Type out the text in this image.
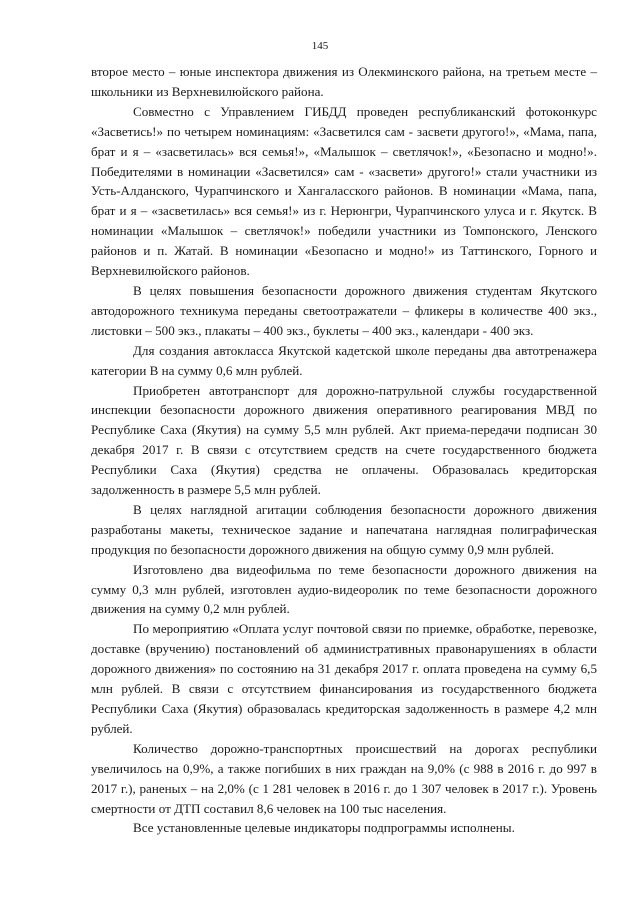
145

второе место – юные инспектора движения из Олекминского района, на третьем месте – школьники из Верхневилюйского района.

Совместно с Управлением ГИБДД проведен республиканский фотоконкурс «Засветись!» по четырем номинациям: «Засветился сам - засвети другого!», «Мама, папа, брат и я – «засветилась» вся семья!», «Малышок – светлячок!», «Безопасно и модно!». Победителями в номинации «Засветился» сам - «засвети» другого!» стали участники из Усть-Алданского, Чурапчинского и Хангаласского районов. В номинации «Мама, папа, брат и я – «засветилась» вся семья!» из г. Нерюнгри, Чурапчинского улуса и г. Якутск. В номинации «Малышок – светлячок!» победили участники из Томпонского, Ленского районов и п. Жатай. В номинации «Безопасно и модно!» из Таттинского, Горного и Верхневилюйского районов.

В целях повышения безопасности дорожного движения студентам Якутского автодорожного техникума переданы светоотражатели – фликеры в количестве 400 экз., листовки – 500 экз., плакаты – 400 экз., буклеты – 400 экз., календари - 400 экз.

Для создания автокласса Якутской кадетской школе переданы два автотренажера категории В на сумму 0,6 млн рублей.

Приобретен автотранспорт для дорожно-патрульной службы государственной инспекции безопасности дорожного движения оперативного реагирования МВД по Республике Саха (Якутия) на сумму 5,5 млн рублей. Акт приема-передачи подписан 30 декабря 2017 г. В связи с отсутствием средств на счете государственного бюджета Республики Саха (Якутия) средства не оплачены. Образовалась кредиторская задолженность в размере 5,5 млн рублей.

В целях наглядной агитации соблюдения безопасности дорожного движения разработаны макеты, техническое задание и напечатана наглядная полиграфическая продукция по безопасности дорожного движения на общую сумму 0,9 млн рублей.

Изготовлено два видеофильма по теме безопасности дорожного движения на сумму 0,3 млн рублей, изготовлен аудио-видеоролик по теме безопасности дорожного движения на сумму 0,2 млн рублей.

По мероприятию «Оплата услуг почтовой связи по приемке, обработке, перевозке, доставке (вручению) постановлений об административных правонарушениях в области дорожного движения» по состоянию на 31 декабря 2017 г. оплата проведена на сумму 6,5 млн рублей. В связи с отсутствием финансирования из государственного бюджета Республики Саха (Якутия) образовалась кредиторская задолженность в размере 4,2 млн рублей.

Количество дорожно-транспортных происшествий на дорогах республики увеличилось на 0,9%, а также погибших в них граждан на 9,0% (с 988 в 2016 г. до 997 в 2017 г.), раненых – на 2,0% (с 1 281 человек в 2016 г. до 1 307 человек в 2017 г.). Уровень смертности от ДТП составил 8,6 человек на 100 тыс населения.

Все установленные целевые индикаторы подпрограммы исполнены.
